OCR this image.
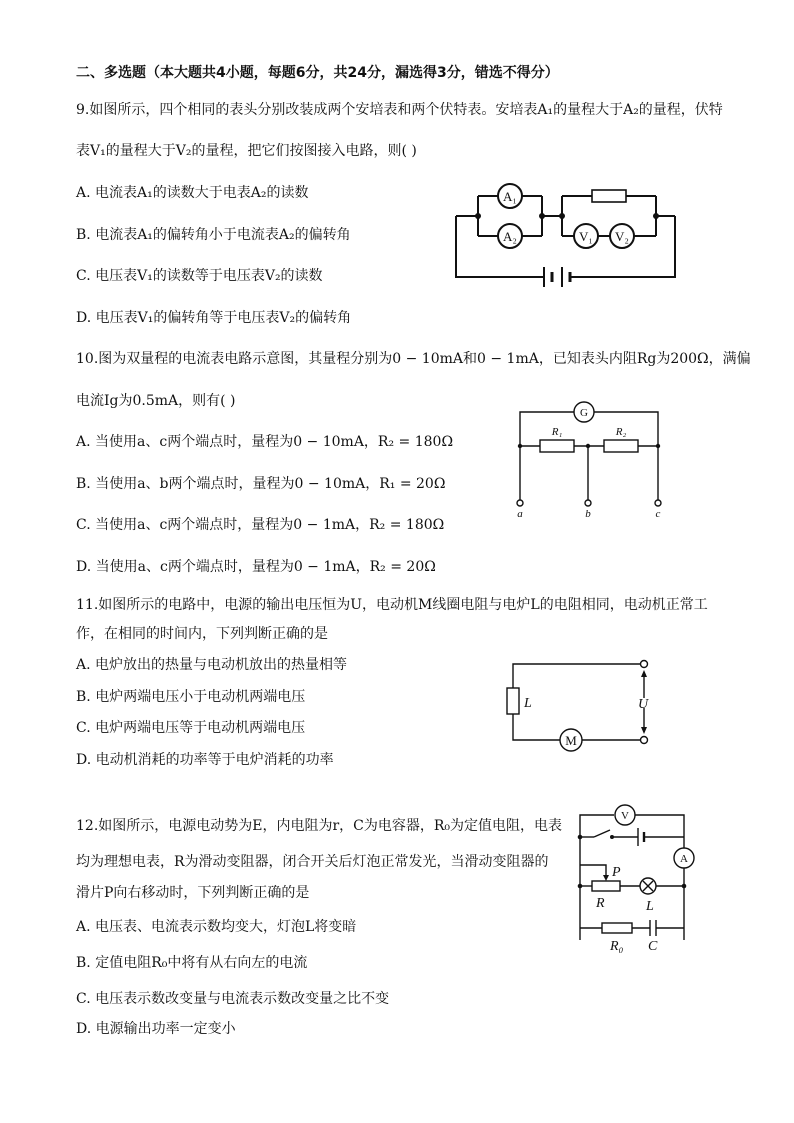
二、多选题（本大题共4小题，每题6分，共24分，漏选得3分，错选不得分）
9.如图所示，四个相同的表头分别改装成两个安培表和两个伏特表。安培表A₁的量程大于A₂的量程，伏特
表V₁的量程大于V₂的量程，把它们按图接入电路，则( )
A. 电流表A₁的读数大于电表A₂的读数
B. 电流表A₁的偏转角小于电流表A₂的偏转角
C. 电压表V₁的读数等于电压表V₂的读数
D. 电压表V₁的偏转角等于电压表V₂的偏转角
A₁
A₂	V₁ V₂
10.图为双量程的电流表电路示意图，其量程分别为0 − 10mA和0 − 1mA，已知表头内阻Rg为200Ω，满偏
电流Ig为0.5mA，则有( )
A. 当使用a、c两个端点时，量程为0 − 10mA，R₂ = 180Ω
B. 当使用a、b两个端点时，量程为0 − 10mA，R₁ = 20Ω
C. 当使用a、c两个端点时，量程为0 − 1mA，R₂ = 180Ω
D. 当使用a、c两个端点时，量程为0 − 1mA，R₂ = 20Ω
G
R₁	R₂
a	b	c
11.如图所示的电路中，电源的输出电压恒为U，电动机M线圈电阻与电炉L的电阻相同，电动机正常工
作，在相同的时间内，下列判断正确的是
A. 电炉放出的热量与电动机放出的热量相等
B. 电炉两端电压小于电动机两端电压
C. 电炉两端电压等于电动机两端电压
D. 电动机消耗的功率等于电炉消耗的功率
L	U
M
12.如图所示，电源电动势为E，内电阻为r，C为电容器，R₀为定值电阻，电表
均为理想电表，R为滑动变阻器，闭合开关后灯泡正常发光，当滑动变阻器的
滑片P向右移动时，下列判断正确的是
A. 电压表、电流表示数均变大，灯泡L将变暗
B. 定值电阻R₀中将有从右向左的电流
C. 电压表示数改变量与电流表示数改变量之比不变
D. 电源输出功率一定变小
V
A
P
R	L
R₀ C
